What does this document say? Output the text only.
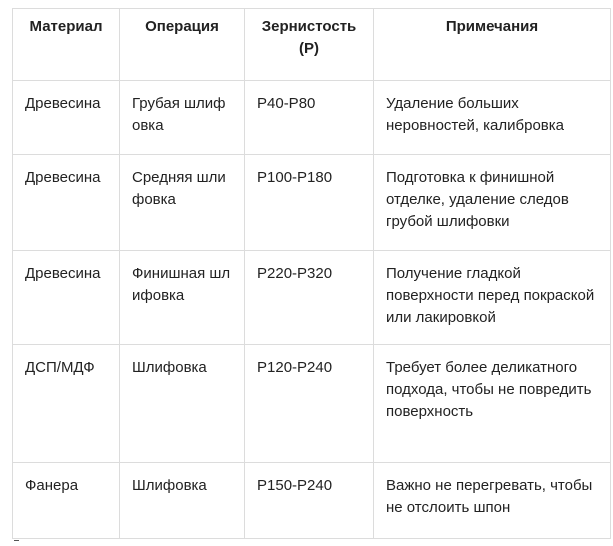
Материал	Операция	Зернистость (P)	Примечания

Древесина	Грубая шлифовка	P40-P80	Удаление больших неровностей, калибровка

Древесина	Средняя шлифовка	P100-P180	Подготовка к финишной отделке, удаление следов грубой шлифовки

Древесина	Финишная шлифовка	P220-P320	Получение гладкой поверхности перед покраской или лакировкой

ДСП/МДФ	Шлифовка	P120-P240	Требует более деликатного подхода, чтобы не повредить поверхность

Фанера	Шлифовка	P150-P240	Важно не перегревать, чтобы не отслоить шпон
